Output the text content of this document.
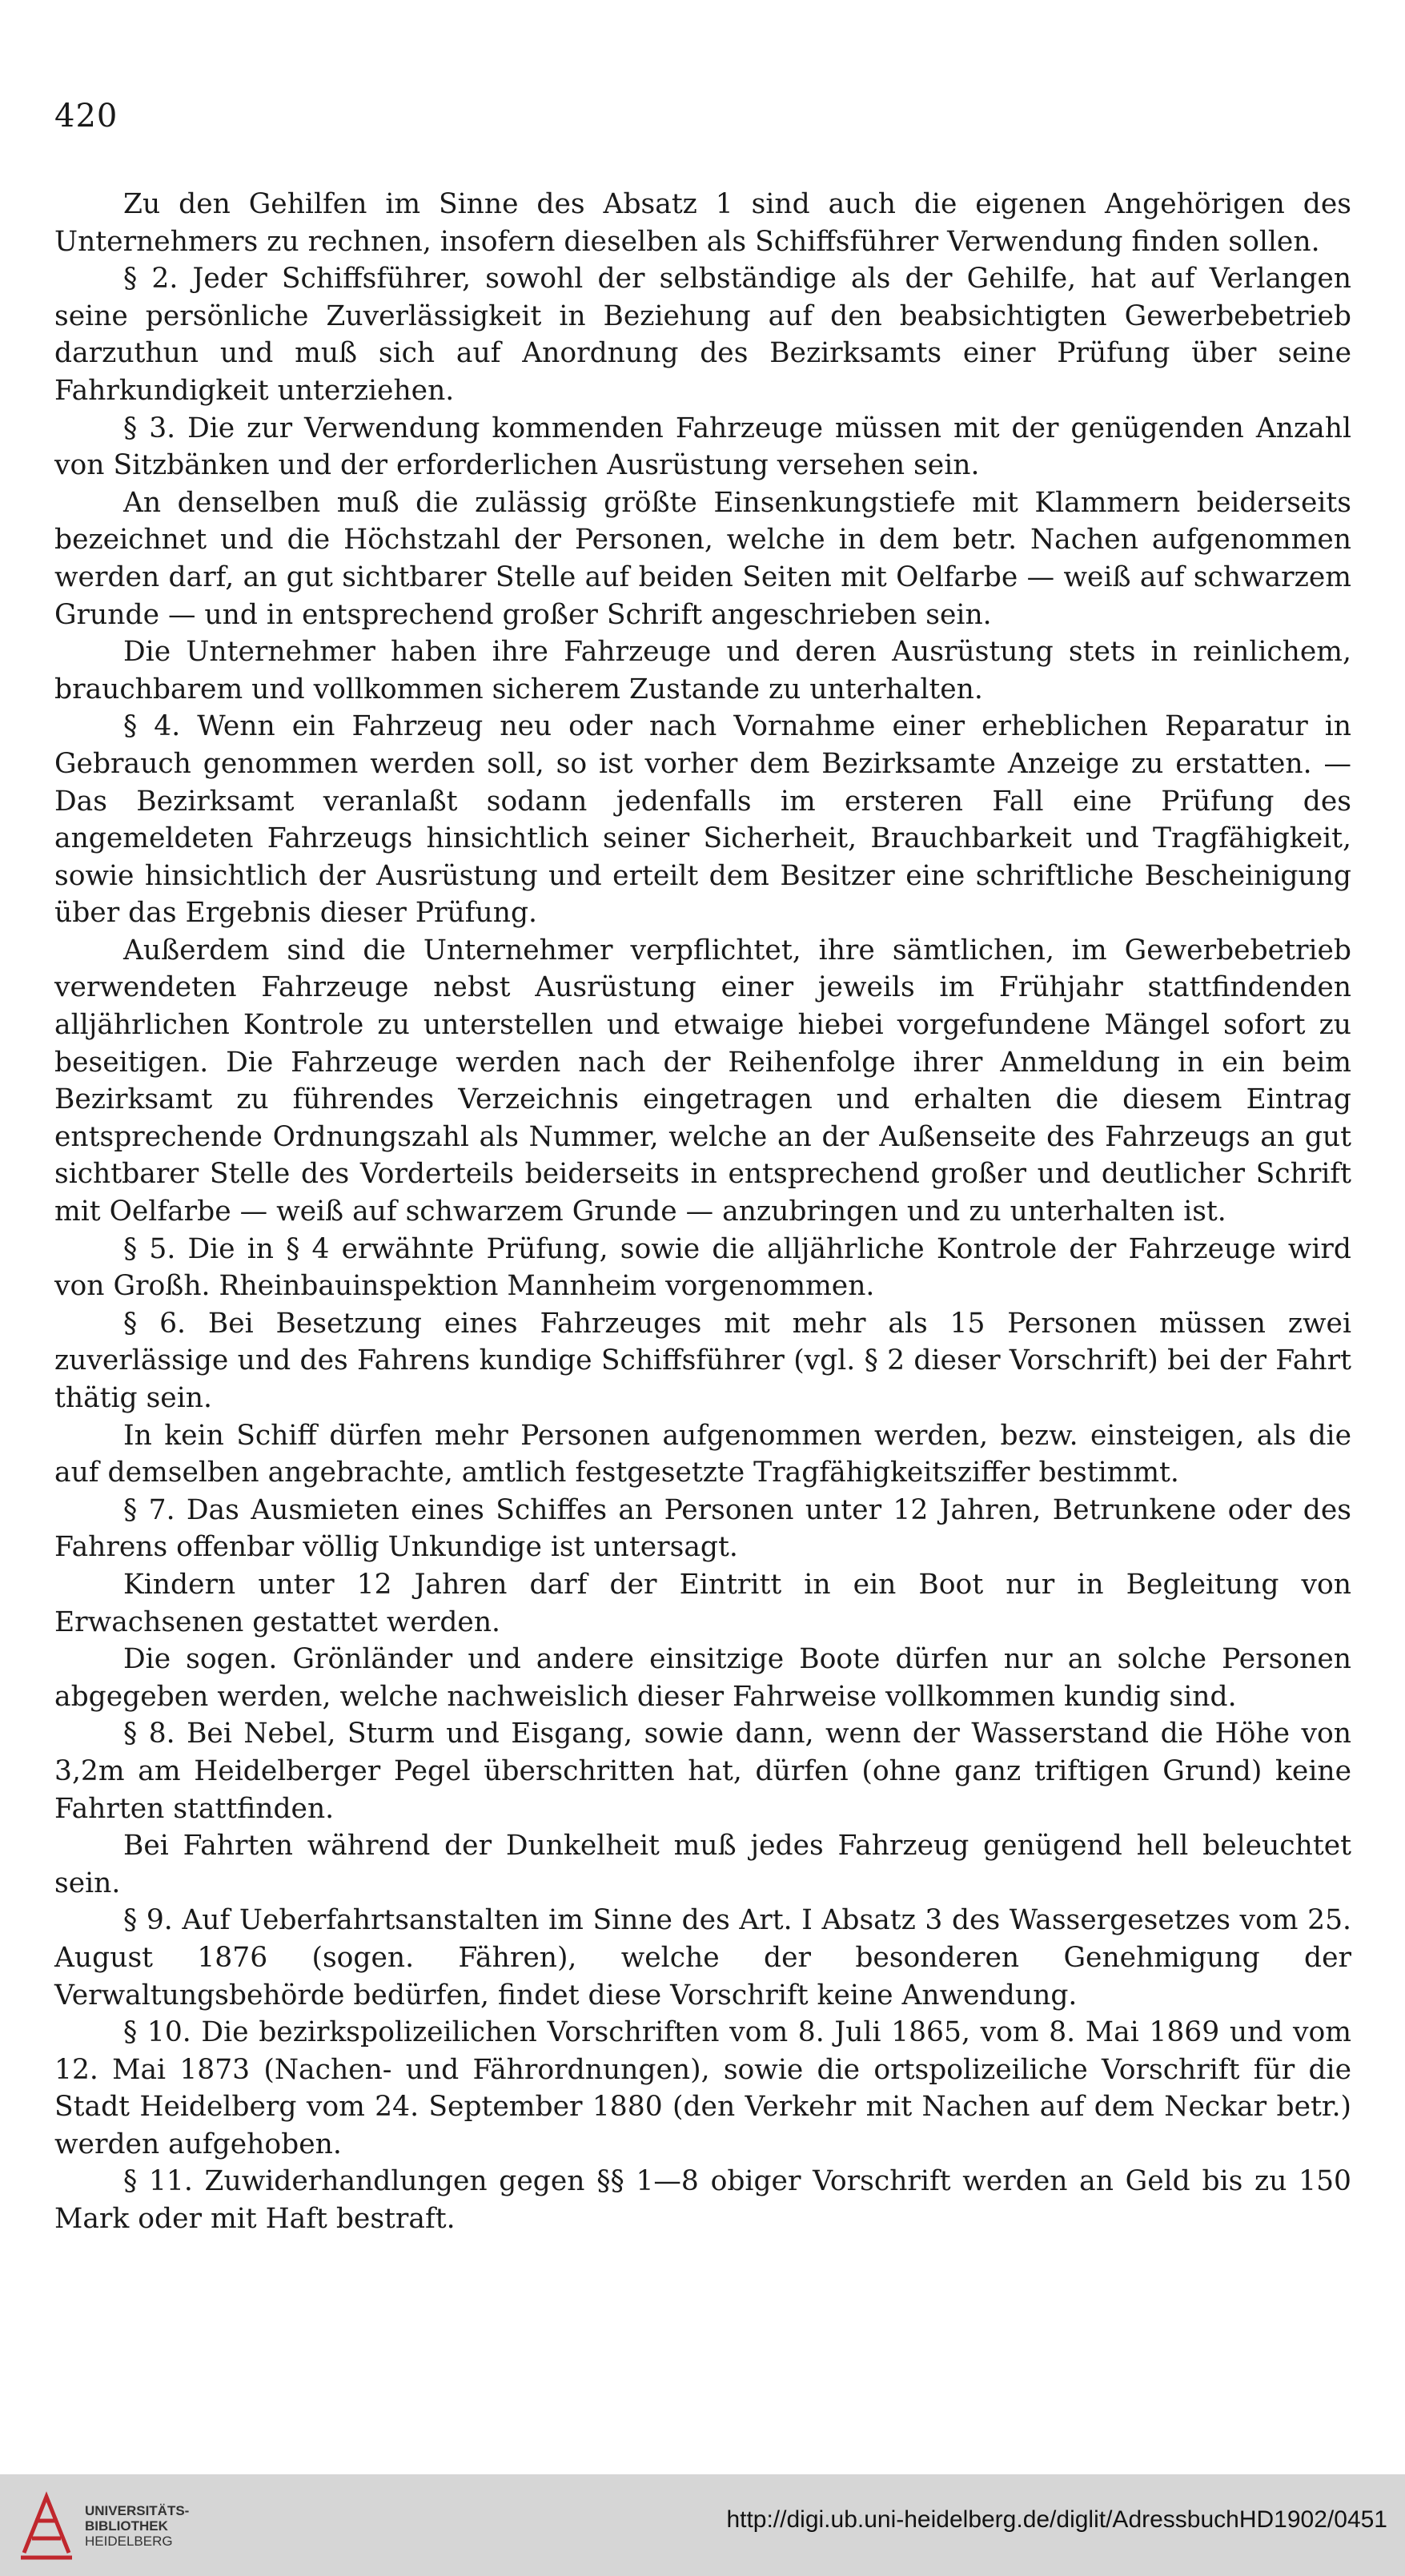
420

Zu den Gehilfen im Sinne des Absatz 1 sind auch die eigenen Angehörigen des Unternehmers zu rechnen, insofern dieselben als Schiffsführer Verwendung finden sollen.

§ 2. Jeder Schiffsführer, sowohl der selbständige als der Gehilfe, hat auf Verlangen seine persönliche Zuverlässigkeit in Beziehung auf den beabsichtigten Gewerbebetrieb darzuthun und muß sich auf Anordnung des Bezirksamts einer Prüfung über seine Fahrkundigkeit unterziehen.

§ 3. Die zur Verwendung kommenden Fahrzeuge müssen mit der genügenden Anzahl von Sitzbänken und der erforderlichen Ausrüstung versehen sein.

An denselben muß die zulässig größte Einsenkungstiefe mit Klammern beiderseits bezeichnet und die Höchstzahl der Personen, welche in dem betr. Nachen aufgenommen werden darf, an gut sichtbarer Stelle auf beiden Seiten mit Oelfarbe — weiß auf schwarzem Grunde — und in entsprechend großer Schrift angeschrieben sein.

Die Unternehmer haben ihre Fahrzeuge und deren Ausrüstung stets in reinlichem, brauchbarem und vollkommen sicherem Zustande zu unterhalten.

§ 4. Wenn ein Fahrzeug neu oder nach Vornahme einer erheblichen Reparatur in Gebrauch genommen werden soll, so ist vorher dem Bezirksamte Anzeige zu erstatten. — Das Bezirksamt veranlaßt sodann jedenfalls im ersteren Fall eine Prüfung des angemeldeten Fahrzeugs hinsichtlich seiner Sicherheit, Brauchbarkeit und Tragfähigkeit, sowie hinsichtlich der Ausrüstung und erteilt dem Besitzer eine schriftliche Bescheinigung über das Ergebnis dieser Prüfung.

Außerdem sind die Unternehmer verpflichtet, ihre sämtlichen, im Gewerbebetrieb verwendeten Fahrzeuge nebst Ausrüstung einer jeweils im Frühjahr stattfindenden alljährlichen Kontrole zu unterstellen und etwaige hiebei vorgefundene Mängel sofort zu beseitigen. Die Fahrzeuge werden nach der Reihenfolge ihrer Anmeldung in ein beim Bezirksamt zu führendes Verzeichnis eingetragen und erhalten die diesem Eintrag entsprechende Ordnungszahl als Nummer, welche an der Außenseite des Fahrzeugs an gut sichtbarer Stelle des Vorderteils beiderseits in entsprechend großer und deutlicher Schrift mit Oelfarbe — weiß auf schwarzem Grunde — anzubringen und zu unterhalten ist.

§ 5. Die in § 4 erwähnte Prüfung, sowie die alljährliche Kontrole der Fahrzeuge wird von Großh. Rheinbauinspektion Mannheim vorgenommen.

§ 6. Bei Besetzung eines Fahrzeuges mit mehr als 15 Personen müssen zwei zuverlässige und des Fahrens kundige Schiffsführer (vgl. § 2 dieser Vorschrift) bei der Fahrt thätig sein.

In kein Schiff dürfen mehr Personen aufgenommen werden, bezw. einsteigen, als die auf demselben angebrachte, amtlich festgesetzte Tragfähigkeitsziffer bestimmt.

§ 7. Das Ausmieten eines Schiffes an Personen unter 12 Jahren, Betrunkene oder des Fahrens offenbar völlig Unkundige ist untersagt.

Kindern unter 12 Jahren darf der Eintritt in ein Boot nur in Begleitung von Erwachsenen gestattet werden.

Die sogen. Grönländer und andere einsitzige Boote dürfen nur an solche Personen abgegeben werden, welche nachweislich dieser Fahrweise vollkommen kundig sind.

§ 8. Bei Nebel, Sturm und Eisgang, sowie dann, wenn der Wasserstand die Höhe von 3,2m am Heidelberger Pegel überschritten hat, dürfen (ohne ganz triftigen Grund) keine Fahrten stattfinden.

Bei Fahrten während der Dunkelheit muß jedes Fahrzeug genügend hell beleuchtet sein.

§ 9. Auf Ueberfahrtsanstalten im Sinne des Art. I Absatz 3 des Wassergesetzes vom 25. August 1876 (sogen. Fähren), welche der besonderen Genehmigung der Verwaltungsbehörde bedürfen, findet diese Vorschrift keine Anwendung.

§ 10. Die bezirkspolizeilichen Vorschriften vom 8. Juli 1865, vom 8. Mai 1869 und vom 12. Mai 1873 (Nachen- und Fährordnungen), sowie die ortspolizeiliche Vorschrift für die Stadt Heidelberg vom 24. September 1880 (den Verkehr mit Nachen auf dem Neckar betr.) werden aufgehoben.

§ 11. Zuwiderhandlungen gegen §§ 1—8 obiger Vorschrift werden an Geld bis zu 150 Mark oder mit Haft bestraft.

UNIVERSITÄTS-
BIBLIOTHEK
HEIDELBERG
http://digi.ub.uni-heidelberg.de/diglit/AdressbuchHD1902/0451
